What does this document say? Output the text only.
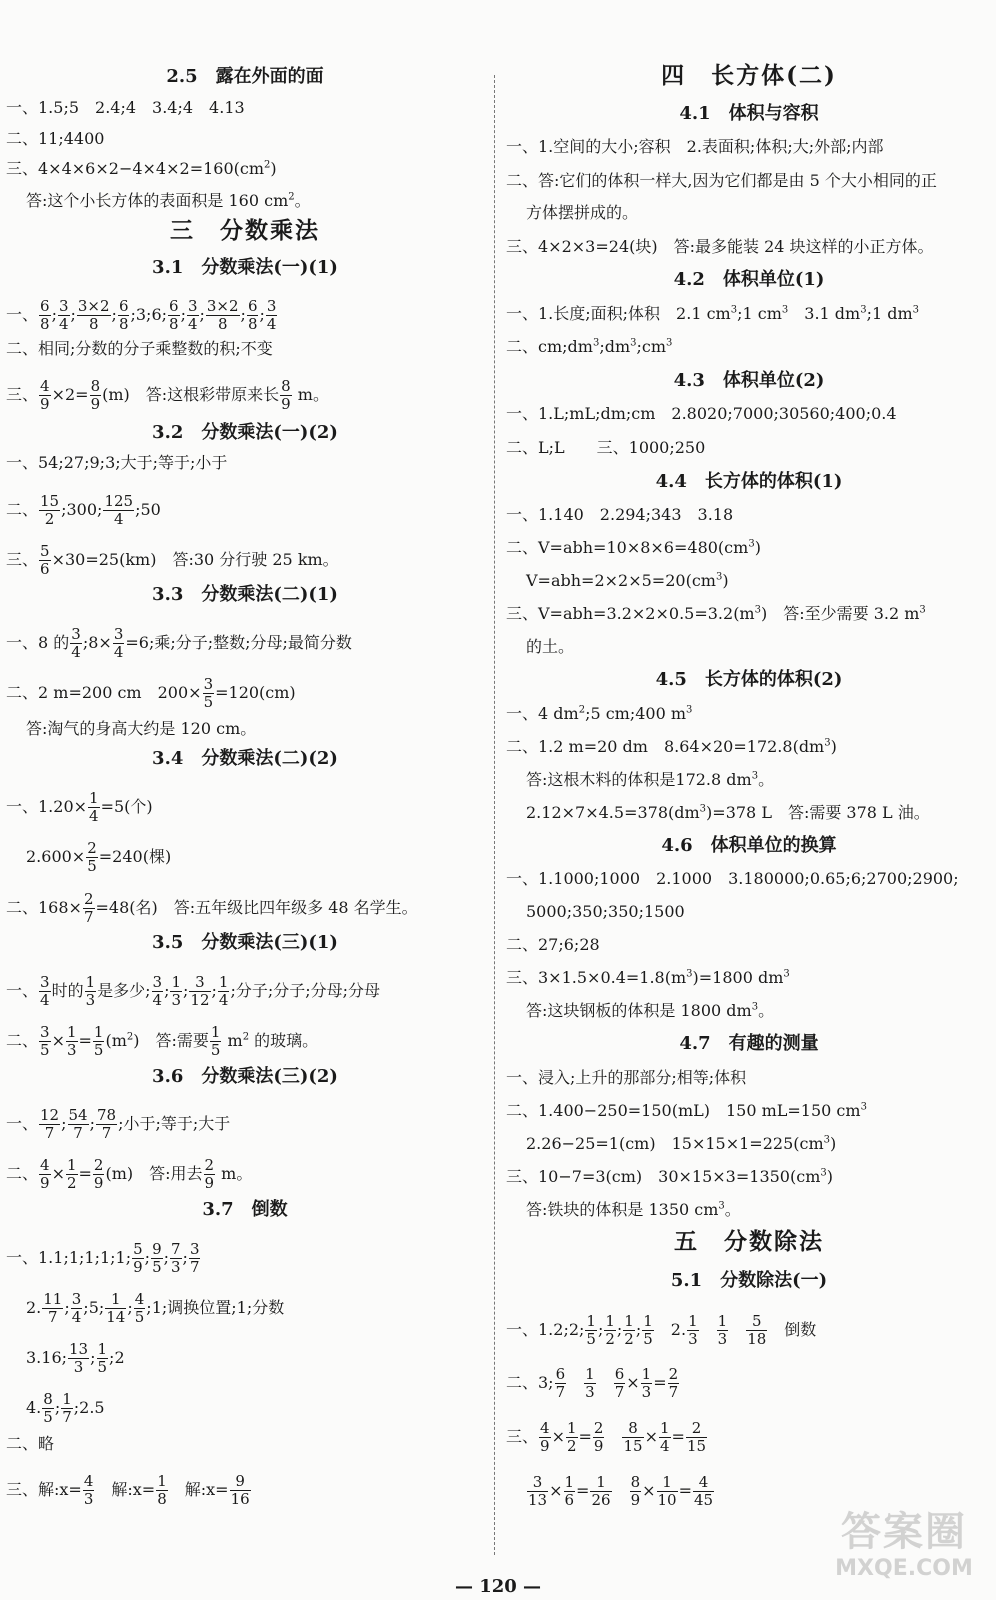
2.5　露在外面的面
一、1.5;5　2.4;4　3.4;4　4.13
二、11;4400
三、$4\times 4\times 6\times 2-4\times 4\times 2=160(cm^2)$
答:这个小长方体的表面积是 160 $cm^2$。
三　分数乘法
3.1　分数乘法(一)(1)
一、 $\frac{6}{8}$ ; $\frac{3}{4}$ ; $\frac{3\times 2}{8}$ ; $\frac{6}{8}$ ;3;6; $\frac{6}{8}$ ; $\frac{3}{4}$ ; $\frac{3\times 2}{8}$ ; $\frac{6}{8}$ ; $\frac{3}{4}$
二、相同;分数的分子乘整数的积;不变
三、 $\frac{4}{9} \times 2= \frac{8}{9} (m)$　答:这根彩带原来长 $\frac{8}{9}$ m。
3.2　分数乘法(一)(2)
一、54;27;9;3;大于;等于;小于
二、 $\frac{15}{2}$ ;300; $\frac{125}{4}$ ;50
三、 $\frac{5}{6} \times 30=25(km)$　答:30 分行驶 25 km。
3.3　分数乘法(二)(1)
一、8 的 $\frac{3}{4}$ ;8× $\frac{3}{4} =6$;乘;分子;整数;分母;最简分数
二、2 m=200 cm　$200\times \frac{3}{5} =120(cm)$
答:淘气的身高大约是 120 cm。
3.4　分数乘法(二)(2)
一、$1.20\times \frac{1}{4} =5$(个)
$2.600\times \frac{2}{5} =240$(棵)
二、$168\times \frac{2}{7} =48$(名)　答:五年级比四年级多 48 名学生。
3.5　分数乘法(三)(1)
一、 $\frac{3}{4}$ 时的 $\frac{1}{3}$ 是多少; $\frac{3}{4}$ ; $\frac{1}{3}$ ; $\frac{3}{12}$ ; $\frac{1}{4}$ ;分子;分子;分母;分母
二、 $\frac{3}{5} \times \frac{1}{3} = \frac{1}{5} (m^2)$　答:需要 $\frac{1}{5} m^2$ 的玻璃。
3.6　分数乘法(三)(2)
一、 $\frac{12}{7}$ ; $\frac{54}{7}$ ; $\frac{78}{7}$ ;小于;等于;大于
二、 $\frac{4}{9} \times \frac{1}{2} = \frac{2}{9} (m)$　答:用去 $\frac{2}{9}$ m。
3.7　倒数
一、1.1;1;1;1;1; $\frac{5}{9}$ ; $\frac{9}{5}$ ; $\frac{7}{3}$ ; $\frac{3}{7}$
2. $\frac{11}{7}$ ; $\frac{3}{4}$ ;5; $\frac{1}{14}$ ; $\frac{4}{5}$ ;1;调换位置;1;分数
3.16; $\frac{13}{3}$ ; $\frac{1}{5}$ ;2
4. $\frac{8}{5}$ ; $\frac{1}{7}$ ;2.5
二、略
三、解:x= $\frac{4}{3}$ 　解:x= $\frac{1}{8}$ 　解:x= $\frac{9}{16}$
四　长方体(二)
4.1　体积与容积
一、1.空间的大小;容积　2.表面积;体积;大;外部;内部
二、答:它们的体积一样大,因为它们都是由 5 个大小相同的正
方体摆拼成的。
三、4×2×3=24(块)　答:最多能装 24 块这样的小正方体。
4.2　体积单位(1)
一、1.长度;面积;体积　2.1 $cm^3;1$ $cm^3$　3.1 $dm^3;1$ $dm^3$
二、$cm;dm^3;dm^3;cm^3$
4.3　体积单位(2)
一、1.L;mL;dm;cm　2.8020;7000;30560;400;0.4
二、L;L　　三、1000;250
4.4　长方体的体积(1)
一、1.140　2.294;343　3.18
二、$V=abh=10\times 8\times 6=480(cm^3)$
$V=abh=2\times 2\times 5=20(cm^3)$
三、$V=abh=3.2\times 2\times 0.5=3.2(m^3)$　答:至少需要 3.2 $m^3$
的土。
4.5　长方体的体积(2)
一、4 $dm^2;5$ cm;400 $m^3$
二、1.2 m=20 dm　$8.64\times 20=172.8(dm^3)$
答:这根木料的体积是172.8 $dm^3$。
$2.12\times 7\times 4.5=378(dm^3)=378$ L　答:需要 378 L 油。
4.6　体积单位的换算
一、1.1000;1000　2.1000　3.180000;0.65;6;2700;2900;
5000;350;350;1500
二、27;6;28
三、$3\times 1.5\times 0.4=1.8(m^3)=1800$ $dm^3$
答:这块钢板的体积是 1800 $dm^3$。
4.7　有趣的测量
一、浸入;上升的那部分;相等;体积
二、1.400−250=150(mL)　150 mL=150 $cm^3$
2.26−25=1(cm)　$15\times 15\times 1=225(cm^3)$
三、10−7=3(cm)　$30\times 15\times 3=1350(cm^3)$
答:铁块的体积是 1350 $cm^3$。
五　分数除法
5.1　分数除法(一)
一、1.2;2; $\frac{1}{5}$ ; $\frac{1}{2}$ ; $\frac{1}{2}$ ; $\frac{1}{5}$ 　2. $\frac{1}{3}$
　 $\frac{1}{3}$
　 $\frac{5}{18}$ 　倒数
二、3; $\frac{6}{7}$
　 $\frac{1}{3}$
　 $\frac{6}{7} \times \frac{1}{3} = \frac{2}{7}$
三、 $\frac{4}{9} \times \frac{1}{2} = \frac{2}{9}$
　 $\frac{8}{15} \times \frac{1}{4} = \frac{2}{15}$
$\frac{3}{13} \times \frac{1}{6} = \frac{1}{26}$
　 $\frac{8}{9} \times \frac{1}{10} = \frac{4}{45}$
— 120 —
答案圈
MXQE.COM
